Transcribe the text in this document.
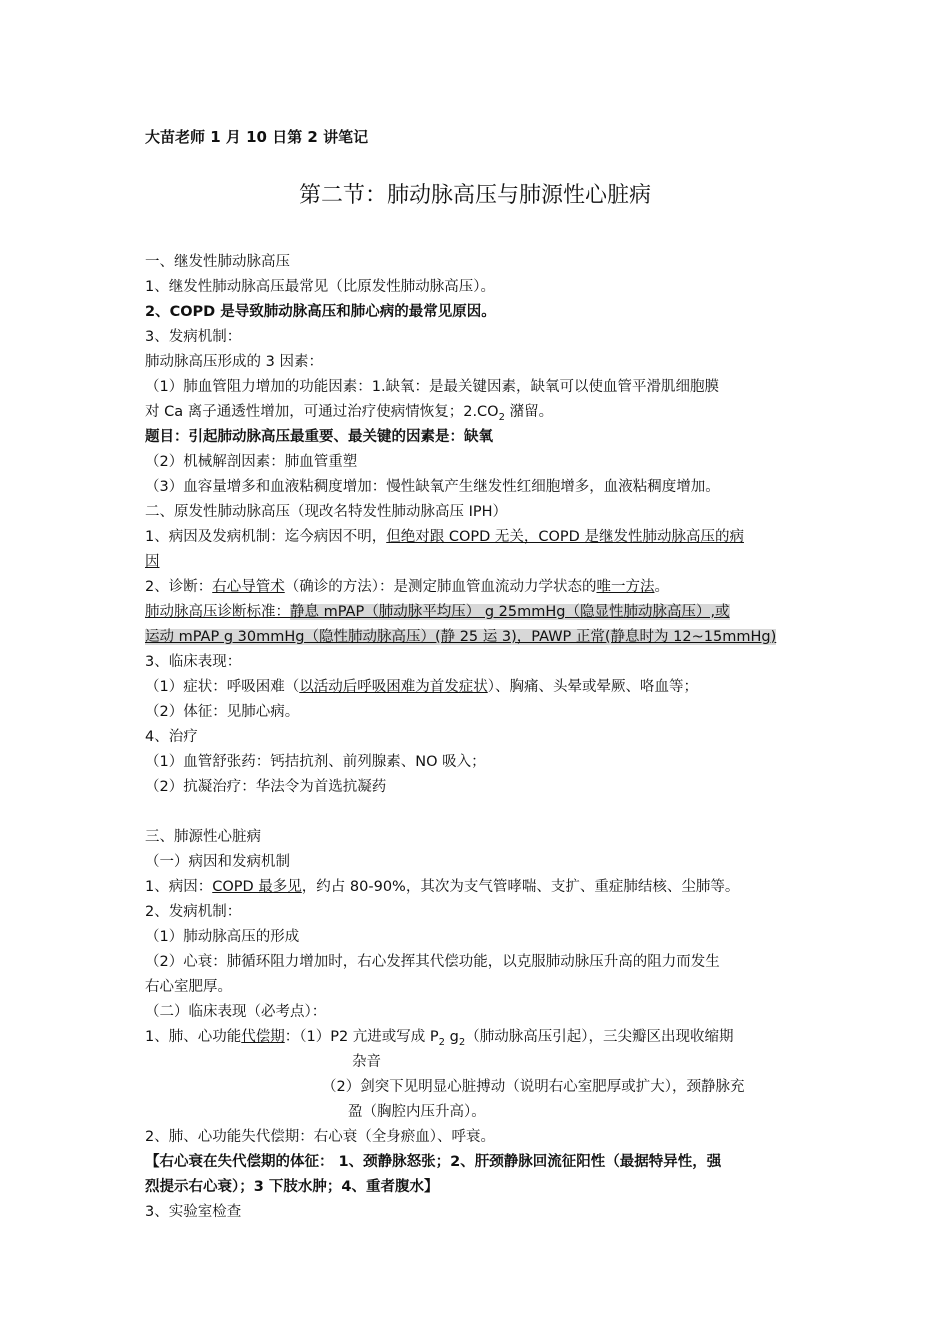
大苗老师 1 月 10 日第 2 讲笔记
第二节：肺动脉高压与肺源性心脏病
一、继发性肺动脉高压
1、继发性肺动脉高压最常见（比原发性肺动脉高压）。
2、COPD 是导致肺动脉高压和肺心病的最常见原因。
3、发病机制：
肺动脉高压形成的 3 因素：
（1）肺血管阻力增加的功能因素：1.缺氧：是最关键因素，缺氧可以使血管平滑肌细胞膜
对 Ca 离子通透性增加，可通过治疗使病情恢复；$2.CO_2$ 潴留。
题目：引起肺动脉高压最重要、最关键的因素是：缺氧
（2）机械解剖因素：肺血管重塑
（3）血容量增多和血液粘稠度增加：慢性缺氧产生继发性红细胞增多，血液粘稠度增加。
二、原发性肺动脉高压（现改名特发性肺动脉高压 IPH）
1、病因及发病机制：迄今病因不明，但绝对跟 COPD 无关，COPD 是继发性肺动脉高压的病
因
2、诊断：右心导管术（确诊的方法）：是测定肺血管血流动力学状态的唯一方法。
肺动脉高压诊断标准：静息 mPAP（肺动脉平均压） g 25mmHg（隐显性肺动脉高压）,或
运动 mPAP g 30mmHg（隐性肺动脉高压）(静 25 运 3)，PAWP 正常(静息时为 12~15mmHg)
3、临床表现：
（1）症状：呼吸困难（以活动后呼吸困难为首发症状）、胸痛、头晕或晕厥、咯血等；
（2）体征：见肺心病。
4、治疗
（1）血管舒张药：钙拮抗剂、前列腺素、NO 吸入；
（2）抗凝治疗：华法令为首选抗凝药
三、肺源性心脏病
（一）病因和发病机制
1、病因：COPD 最多见，约占 80-90%，其次为支气管哮喘、支扩、重症肺结核、尘肺等。
2、发病机制：
（1）肺动脉高压的形成
（2）心衰：肺循环阻力增加时，右心发挥其代偿功能，以克服肺动脉压升高的阻力而发生
右心室肥厚。
（二）临床表现（必考点）：
1、肺、心功能代偿期：（1）P2 亢进或写成 $P_2$ $g_2$（肺动脉高压引起），三尖瓣区出现收缩期
杂音
（2）剑突下见明显心脏搏动（说明右心室肥厚或扩大），颈静脉充
盈（胸腔内压升高）。
2、肺、心功能失代偿期：右心衰（全身瘀血）、呼衰。
【右心衰在失代偿期的体征： 1、颈静脉怒张；2、肝颈静脉回流征阳性（最据特异性，强
烈提示右心衰）；3 下肢水肿；4、重者腹水】
3、实验室检查
